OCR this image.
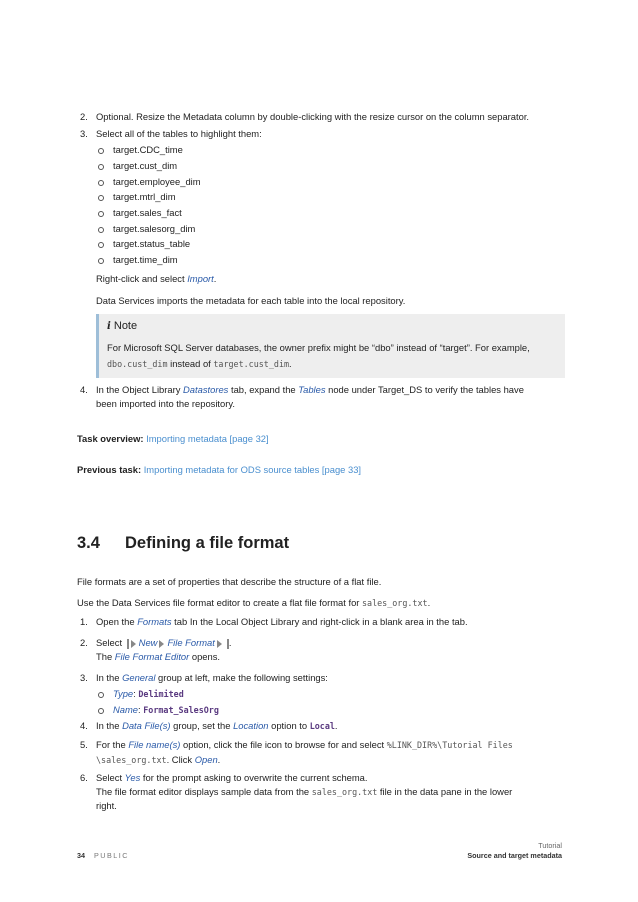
2. Optional. Resize the Metadata column by double-clicking with the resize cursor on the column separator.
3. Select all of the tables to highlight them:
target.CDC_time
target.cust_dim
target.employee_dim
target.mtrl_dim
target.sales_fact
target.salesorg_dim
target.status_table
target.time_dim
Right-click and select Import.
Data Services imports the metadata for each table into the local repository.
i Note
For Microsoft SQL Server databases, the owner prefix might be “dbo” instead of “target”. For example,
dbo.cust_dim instead of target.cust_dim.
4. In the Object Library Datastores tab, expand the Tables node under Target_DS to verify the tables have
been imported into the repository.
Task overview: Importing metadata [page 32]
Previous task: Importing metadata for ODS source tables [page 33]
3.4 Defining a file format
File formats are a set of properties that describe the structure of a flat file.
Use the Data Services file format editor to create a flat file format for sales_org.txt.
1. Open the Formats tab In the Local Object Library and right-click in a blank area in the tab.
2. Select New File Format .
The File Format Editor opens.
3. In the General group at left, make the following settings:
Type: Delimited
Name: Format_SalesOrg
4. In the Data File(s) group, set the Location option to Local.
5. For the File name(s) option, click the file icon to browse for and select %LINK_DIR%\Tutorial Files
\sales_org.txt. Click Open.
6. Select Yes for the prompt asking to overwrite the current schema.
The file format editor displays sample data from the sales_org.txt file in the data pane in the lower
right.
34 PUBLIC
Tutorial
Source and target metadata
